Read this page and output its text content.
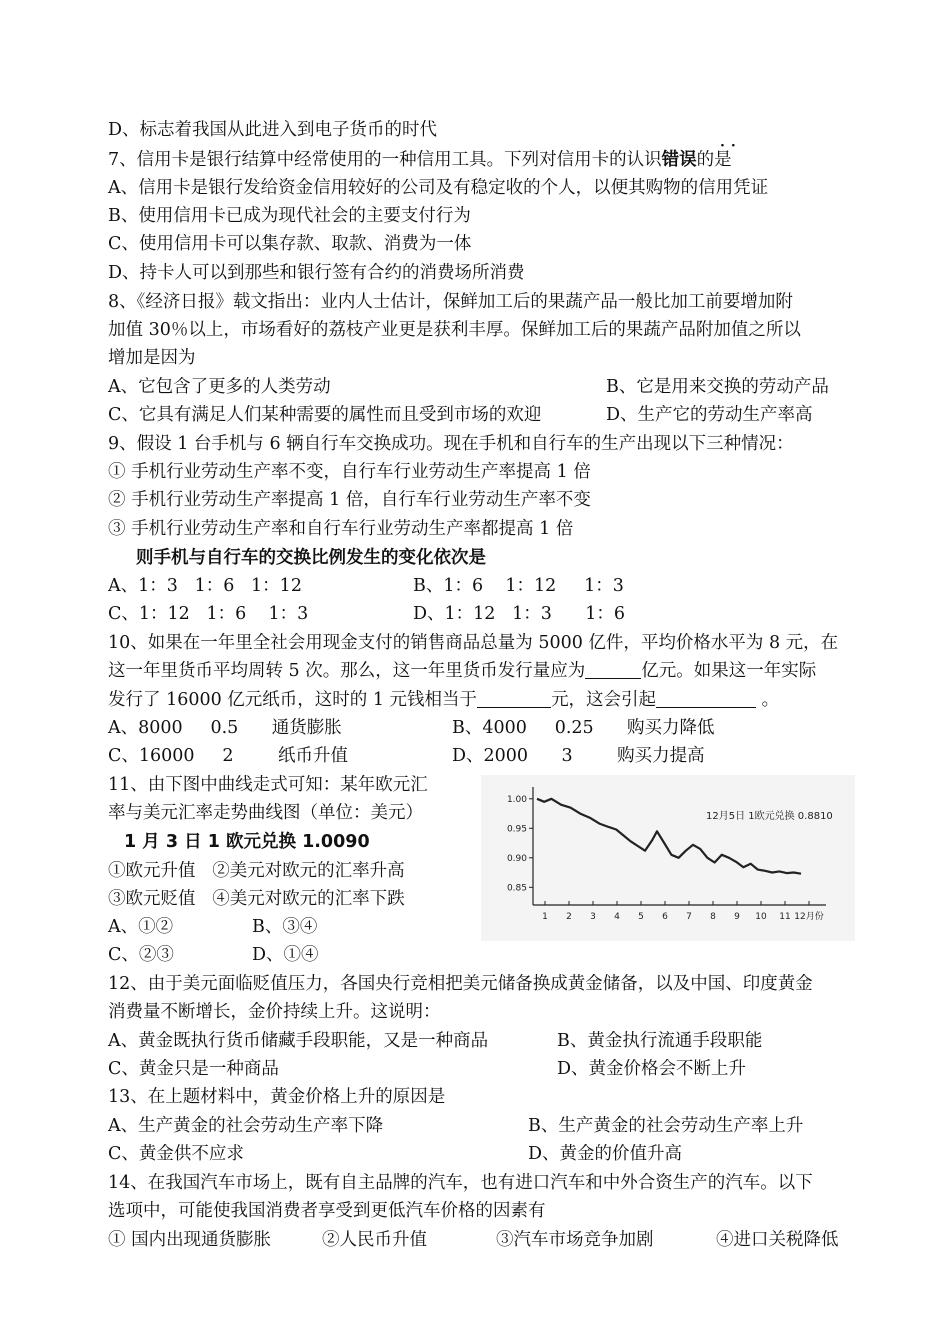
D、标志着我国从此进入到电子货币的时代
··
7、信用卡是银行结算中经常使用的一种信用工具。下列对信用卡的认识错误的是
A、信用卡是银行发给资金信用较好的公司及有稳定收的个人，以便其购物的信用凭证
B、使用信用卡已成为现代社会的主要支付行为
C、使用信用卡可以集存款、取款、消费为一体
D、持卡人可以到那些和银行签有合约的消费场所消费
8、《经济日报》载文指出：业内人士估计，保鲜加工后的果蔬产品一般比加工前要增加附
加值 30％以上，市场看好的荔枝产业更是获利丰厚。保鲜加工后的果蔬产品附加值之所以
增加是因为
A、它包含了更多的人类劳动	B、它是用来交换的劳动产品
C、它具有满足人们某种需要的属性而且受到市场的欢迎	D、生产它的劳动生产率高
9、假设 1 台手机与 6 辆自行车交换成功。现在手机和自行车的生产出现以下三种情况：
① 手机行业劳动生产率不变，自行车行业劳动生产率提高 1 倍
② 手机行业劳动生产率提高 1 倍，自行车行业劳动生产率不变
③ 手机行业劳动生产率和自行车行业劳动生产率都提高 1 倍
则手机与自行车的交换比例发生的变化依次是
A、1：3   1：6   1：12	B、1：6    1：12     1：3
C、1：12   1：6    1：3	D、1：12   1：3      1：6
10、如果在一年里全社会用现金支付的销售商品总量为 5000 亿件，平均价格水平为 8 元，在
这一年里货币平均周转 5 次。那么，这一年里货币发行量应为	亿元。如果这一年实际
发行了 16000 亿元纸币，这时的 1 元钱相当于	元，这会引起	。
A、8000     0.5      通货膨胀	B、4000     0.25      购买力降低
C、16000     2        纸币升值	D、2000      3        购买力提高
11、由下图中曲线走式可知：某年欧元汇
率与美元汇率走势曲线图（单位：美元）
1 月 3 日 1 欧元兑换 1.0090
①欧元升值   ②美元对欧元的汇率升高
③欧元贬值   ④美元对欧元的汇率下跌
A、①②	B、③④
C、②③	D、①④
1.00
0.95
0.90
0.85
1 2 3 4 5 6 7 8 9 10 11 12月份
12月5日 1欧元兑换 0.8810
12、由于美元面临贬值压力，各国央行竞相把美元储备换成黄金储备，以及中国、印度黄金
消费量不断增长，金价持续上升。这说明：
A、黄金既执行货币储藏手段职能，又是一种商品	B、黄金执行流通手段职能
C、黄金只是一种商品	D、黄金价格会不断上升
13、在上题材料中，黄金价格上升的原因是
A、生产黄金的社会劳动生产率下降	B、生产黄金的社会劳动生产率上升
C、黄金供不应求	D、黄金的价值升高
14、在我国汽车市场上，既有自主品牌的汽车，也有进口汽车和中外合资生产的汽车。以下
选项中，可能使我国消费者享受到更低汽车价格的因素有
① 国内出现通货膨胀	②人民币升值	③汽车市场竞争加剧	④进口关税降低
